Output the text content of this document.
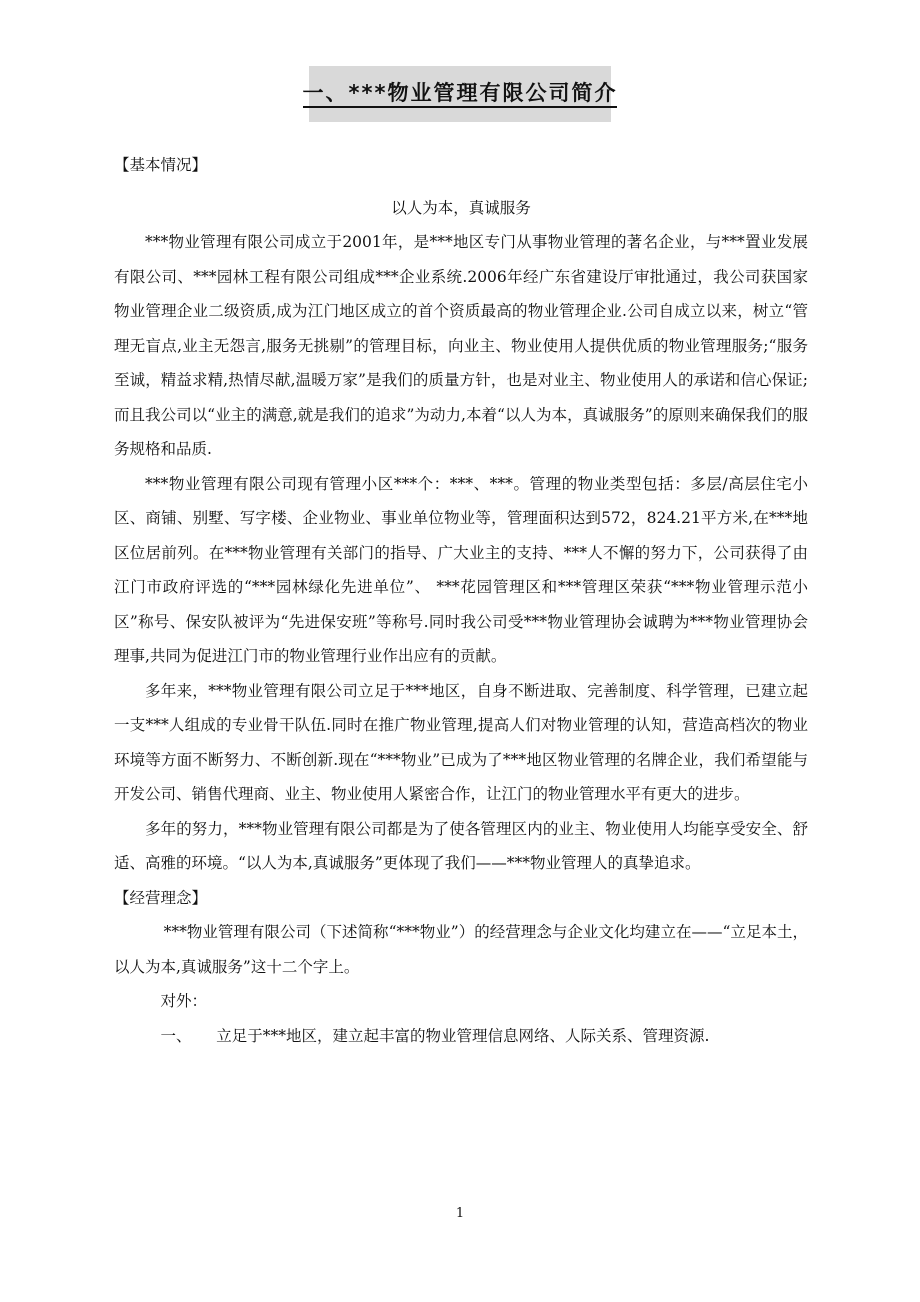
一、***物业管理有限公司简介

【基本情况】

以人为本，真诚服务

***物业管理有限公司成立于2001年，是***地区专门从事物业管理的著名企业，与***置业发展有限公司、***园林工程有限公司组成***企业系统.2006年经广东省建设厅审批通过，我公司获国家物业管理企业二级资质,成为江门地区成立的首个资质最高的物业管理企业.公司自成立以来，树立“管理无盲点,业主无怨言,服务无挑剔”的管理目标，向业主、物业使用人提供优质的物业管理服务;“服务至诚，精益求精,热情尽献,温暖万家”是我们的质量方针，也是对业主、物业使用人的承诺和信心保证;而且我公司以“业主的满意,就是我们的追求”为动力,本着“以人为本，真诚服务”的原则来确保我们的服务规格和品质.

***物业管理有限公司现有管理小区***个：***、***。管理的物业类型包括：多层/高层住宅小区、商铺、别墅、写字楼、企业物业、事业单位物业等，管理面积达到572，824.21平方米,在***地区位居前列。在***物业管理有关部门的指导、广大业主的支持、***人不懈的努力下，公司获得了由江门市政府评选的“***园林绿化先进单位”、 ***花园管理区和***管理区荣获“***物业管理示范小区”称号、保安队被评为“先进保安班”等称号.同时我公司受***物业管理协会诚聘为***物业管理协会理事,共同为促进江门市的物业管理行业作出应有的贡献。

多年来，***物业管理有限公司立足于***地区，自身不断进取、完善制度、科学管理，已建立起一支***人组成的专业骨干队伍.同时在推广物业管理,提高人们对物业管理的认知，营造高档次的物业环境等方面不断努力、不断创新.现在“***物业”已成为了***地区物业管理的名牌企业，我们希望能与开发公司、销售代理商、业主、物业使用人紧密合作，让江门的物业管理水平有更大的进步。

多年的努力，***物业管理有限公司都是为了使各管理区内的业主、物业使用人均能享受安全、舒适、高雅的环境。“以人为本,真诚服务”更体现了我们——***物业管理人的真挚追求。

【经营理念】

***物业管理有限公司（下述简称“***物业”）的经营理念与企业文化均建立在——“立足本土，以人为本,真诚服务”这十二个字上。

对外：

一、 立足于***地区，建立起丰富的物业管理信息网络、人际关系、管理资源.

1
